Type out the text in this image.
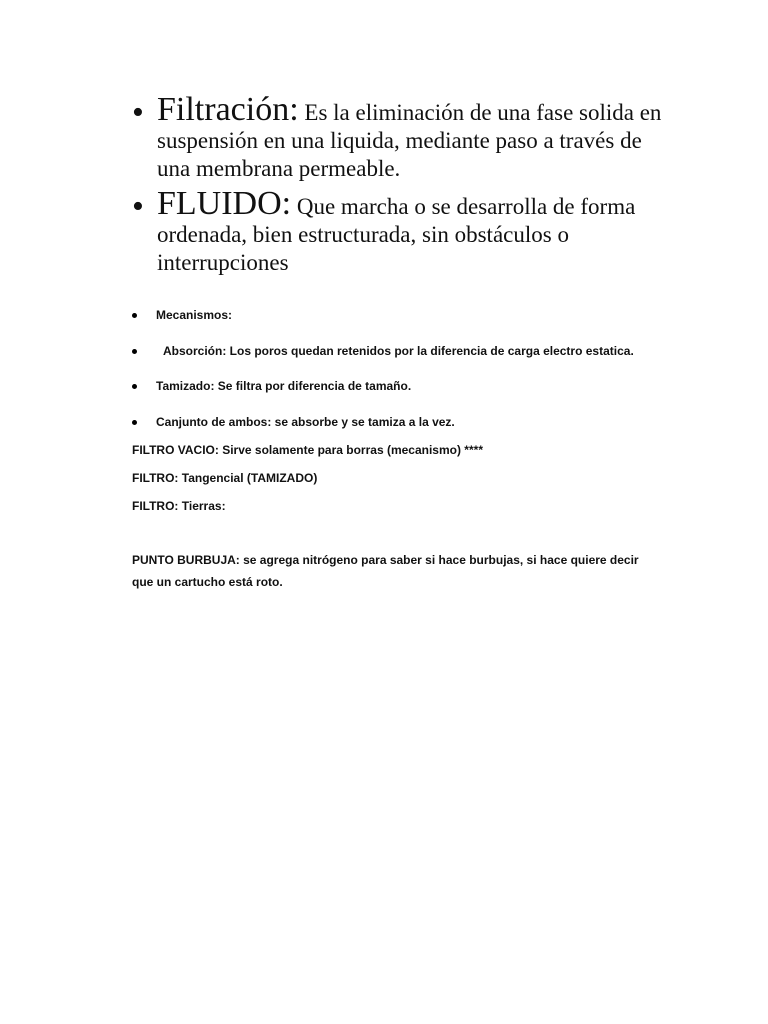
• Filtración: Es la eliminación de una fase solida en suspensión en una liquida, mediante paso a través de una membrana permeable.
• FLUIDO: Que marcha o se desarrolla de forma ordenada, bien estructurada, sin obstáculos o interrupciones
Mecanismos:
Absorción: Los poros quedan retenidos por la diferencia de carga electro estatica.
Tamizado: Se filtra por diferencia de tamaño.
Canjunto de ambos: se absorbe y se tamiza a la vez.
FILTRO VACIO: Sirve solamente para borras (mecanismo) ****
FILTRO: Tangencial (TAMIZADO)
FILTRO: Tierras:
PUNTO BURBUJA: se agrega nitrógeno para saber si hace burbujas, si hace quiere decir que un cartucho está roto.
